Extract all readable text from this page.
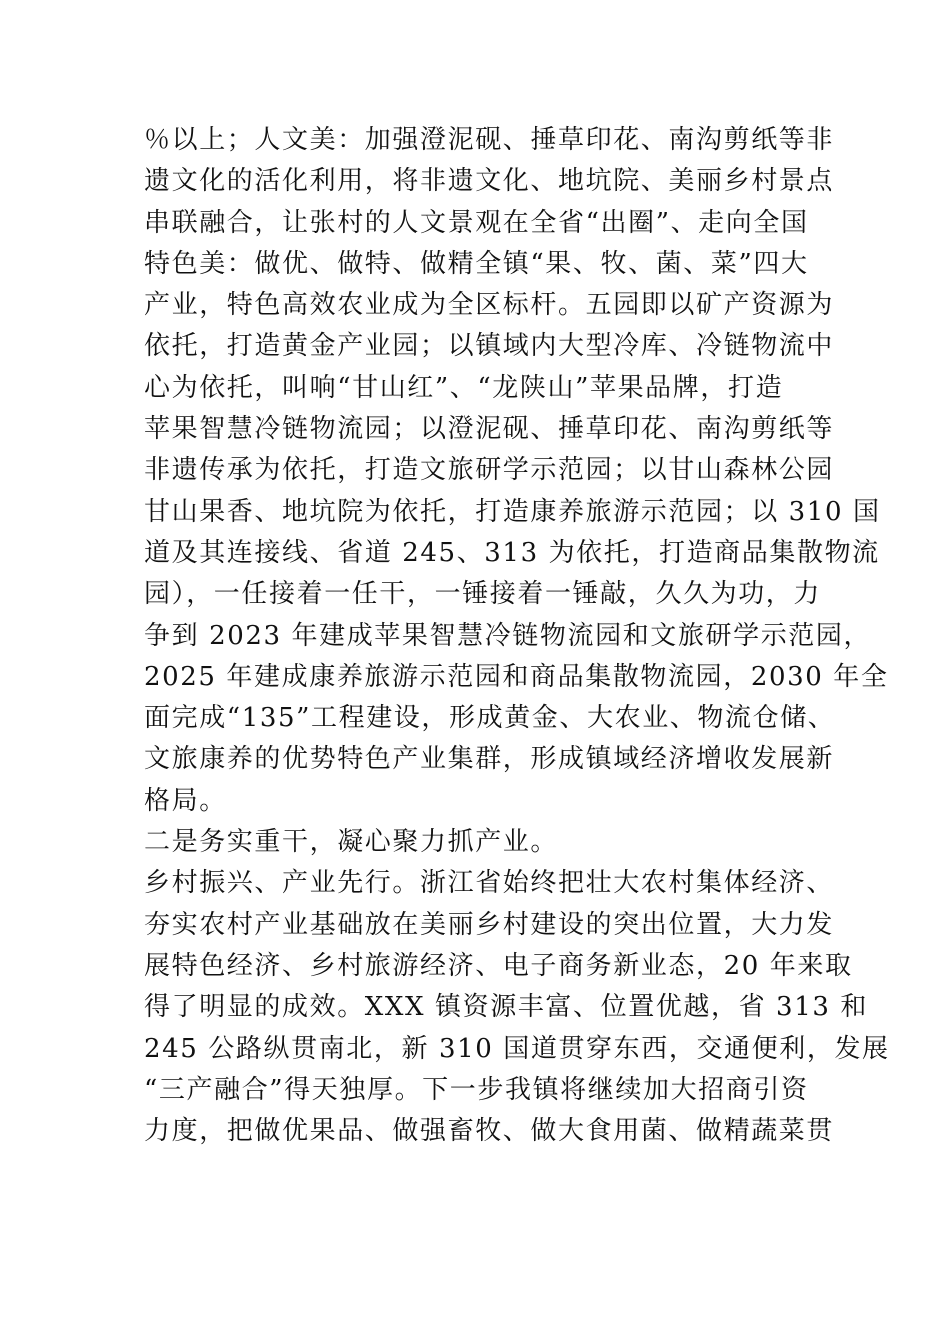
％以上；人文美：加强澄泥砚、捶草印花、南沟剪纸等非
遗文化的活化利用，将非遗文化、地坑院、美丽乡村景点
串联融合，让张村的人文景观在全省“出圈”、走向全国
特色美：做优、做特、做精全镇“果、牧、菌、菜”四大
产业，特色高效农业成为全区标杆。五园即以矿产资源为
依托，打造黄金产业园；以镇域内大型冷库、冷链物流中
心为依托，叫响“甘山红”、“龙陕山”苹果品牌，打造
苹果智慧冷链物流园；以澄泥砚、捶草印花、南沟剪纸等
非遗传承为依托，打造文旅研学示范园；以甘山森林公园
甘山果香、地坑院为依托，打造康养旅游示范园；以 310 国
道及其连接线、省道 245、313 为依托，打造商品集散物流
园），一任接着一任干，一锤接着一锤敲，久久为功，力
争到 2023 年建成苹果智慧冷链物流园和文旅研学示范园，
2025 年建成康养旅游示范园和商品集散物流园，2030 年全
面完成“135”工程建设，形成黄金、大农业、物流仓储、
文旅康养的优势特色产业集群，形成镇域经济增收发展新
格局。
二是务实重干，凝心聚力抓产业。
乡村振兴、产业先行。浙江省始终把壮大农村集体经济、
夯实农村产业基础放在美丽乡村建设的突出位置，大力发
展特色经济、乡村旅游经济、电子商务新业态，20 年来取
得了明显的成效。XXX 镇资源丰富、位置优越，省 313 和
245 公路纵贯南北，新 310 国道贯穿东西，交通便利，发展
“三产融合”得天独厚。下一步我镇将继续加大招商引资
力度，把做优果品、做强畜牧、做大食用菌、做精蔬菜贯
